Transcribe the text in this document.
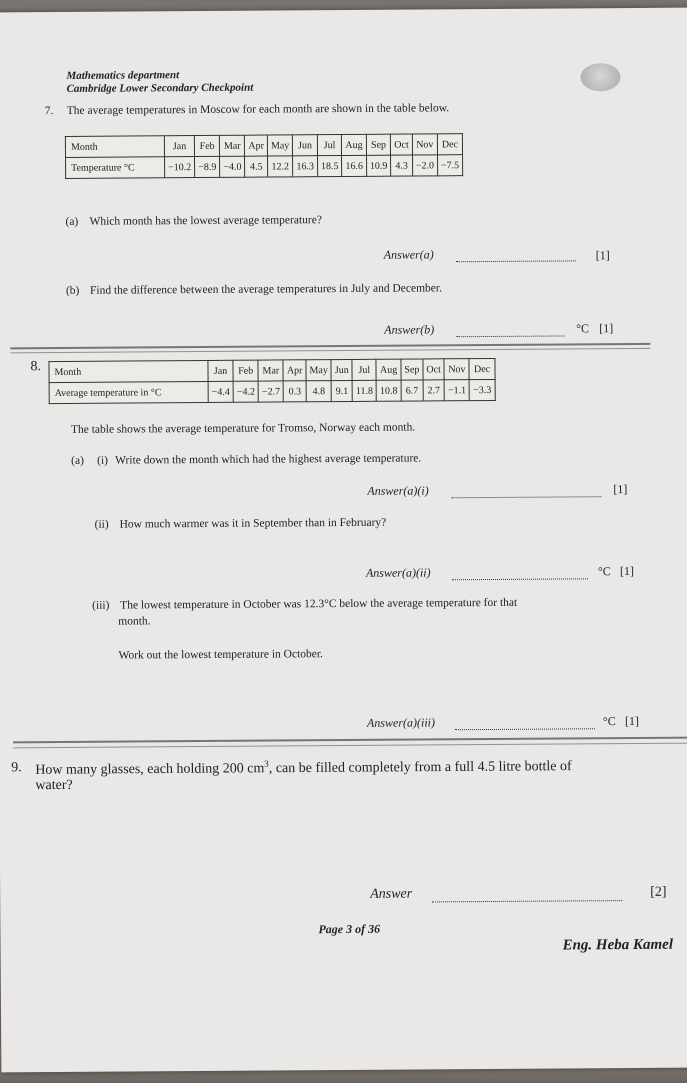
Mathematics department
Cambridge Lower Secondary Checkpoint
7. The average temperatures in Moscow for each month are shown in the table below.
Month	Jan	Feb	Mar	Apr	May	Jun	Jul	Aug	Sep	Oct	Nov	Dec
Temperature °C	−10.2	−8.9	−4.0	4.5	12.2	16.3	18.5	16.6	10.9	4.3	−2.0	−7.5
(a) Which month has the lowest average temperature?
Answer(a)	[1]
(b) Find the difference between the average temperatures in July and December.
Answer(b)	°C [1]
8. Month	Jan	Feb	Mar	Apr	May	Jun	Jul	Aug	Sep	Oct	Nov	Dec
Average temperature in °C	−4.4	−4.2	−2.7	0.3	4.8	9.1	11.8	10.8	6.7	2.7	−1.1	−3.3
The table shows the average temperature for Tromso, Norway each month.
(a) (i) Write down the month which had the highest average temperature.
Answer(a)(i)	[1]
(ii) How much warmer was it in September than in February?
Answer(a)(ii)	°C [1]
(iii) The lowest temperature in October was 12.3°C below the average temperature for that
month.
Work out the lowest temperature in October.
Answer(a)(iii)	°C [1]
9. How many glasses, each holding 200 $cm^3$, can be filled completely from a full 4.5 litre bottle of
water?
Answer	[2]
Page 3 of 36
Eng. Heba Kamel
